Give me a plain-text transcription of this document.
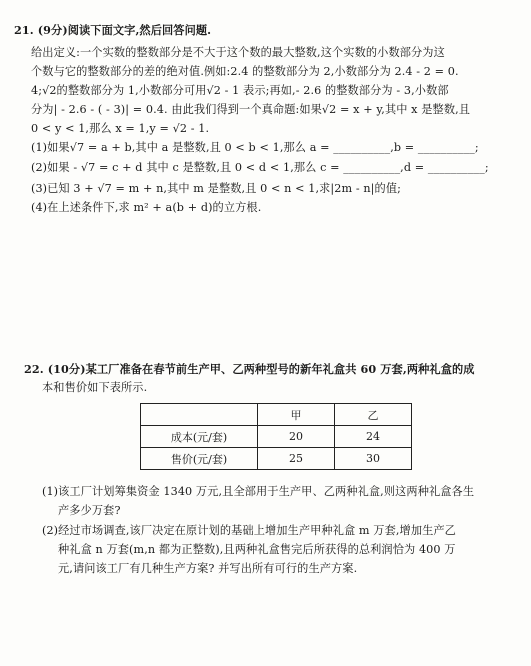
21. (9分)阅读下面文字,然后回答问题.
给出定义:一个实数的整数部分是不大于这个数的最大整数,这个实数的小数部分为这
个数与它的整数部分的差的绝对值.例如:2.4 的整数部分为 2,小数部分为 2.4 - 2 = 0.
4;√2的整数部分为 1,小数部分可用√2 - 1 表示;再如,- 2.6 的整数部分为 - 3,小数部
分为| - 2.6 - ( - 3)| = 0.4. 由此我们得到一个真命题:如果√2 = x + y,其中 x 是整数,且
0 < y < 1,那么 x = 1,y = √2 - 1.
(1)如果√7 = a + b,其中 a 是整数,且 0 < b < 1,那么 a = __________,b = __________;
(2)如果 - √7 = c + d 其中 c 是整数,且 0 < d < 1,那么 c = __________,d = __________;
(3)已知 3 + √7 = m + n,其中 m 是整数,且 0 < n < 1,求|2m - n|的值;
(4)在上述条件下,求 m² + a(b + d)的立方根.
22. (10分)某工厂准备在春节前生产甲、乙两种型号的新年礼盒共 60 万套,两种礼盒的成
本和售价如下表所示.
	甲	乙
成本(元/套)	20	24
售价(元/套)	25	30
(1)该工厂计划筹集资金 1340 万元,且全部用于生产甲、乙两种礼盒,则这两种礼盒各生
产多少万套?
(2)经过市场调查,该厂决定在原计划的基础上增加生产甲种礼盒 m 万套,增加生产乙
种礼盒 n 万套(m,n 都为正整数),且两种礼盒售完后所获得的总利润恰为 400 万
元,请问该工厂有几种生产方案? 并写出所有可行的生产方案.
